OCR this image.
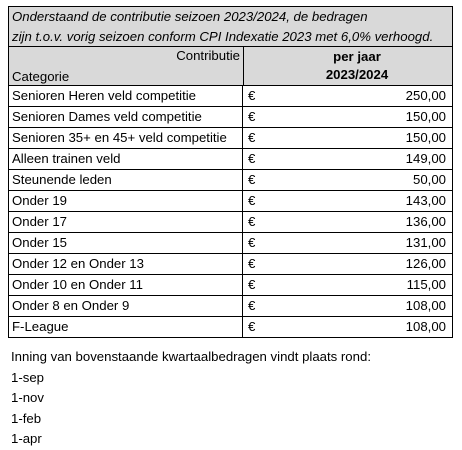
Onderstaand de contributie seizoen 2023/2024, de bedragen
zijn t.o.v. vorig seizoen conform CPI Indexatie 2023 met 6,0% verhoogd.
Contributie
Categorie
per jaar
2023/2024
Senioren Heren veld competitie	€	250,00
Senioren Dames veld competitie	€	150,00
Senioren 35+ en 45+ veld competitie	€	150,00
Alleen trainen veld	€	149,00
Steunende leden	€	50,00
Onder 19	€	143,00
Onder 17	€	136,00
Onder 15	€	131,00
Onder 12 en Onder 13	€	126,00
Onder 10 en Onder 11	€	115,00
Onder 8 en Onder 9	€	108,00
F-League	€	108,00
Inning van bovenstaande kwartaalbedragen vindt plaats rond:
1-sep
1-nov
1-feb
1-apr
